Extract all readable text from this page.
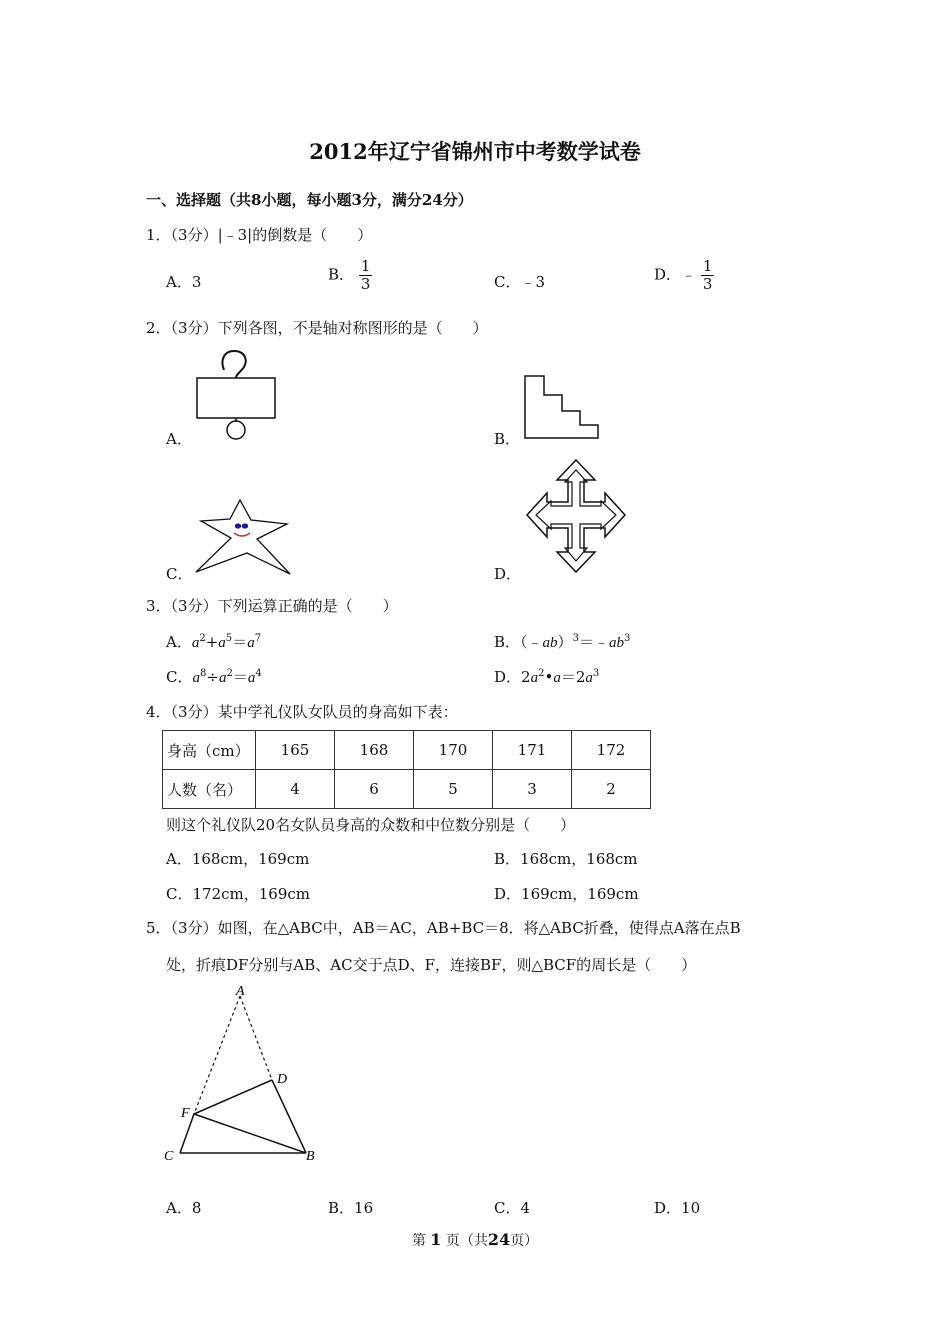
2012年辽宁省锦州市中考数学试卷
一、选择题（共8小题，每小题3分，满分24分）
1．（3分）|﹣3|的倒数是（　　）
A．3	B． $\frac{1}{3}$	C．﹣3	D．﹣ $\frac{1}{3}$
2．（3分）下列各图，不是轴对称图形的是（　　）
A．	B．
C．	D．
3．（3分）下列运算正确的是（　　）
A．$a^2+a^5=a^7$	B．$(﹣ab)^3=﹣ab^3$
C．$a^8\div a^2=a^4$	D．$2a^2•a=2a^3$
4．（3分）某中学礼仪队女队员的身高如下表：
身高（cm）	165	168	170	171	172
人数（名）	4	6	5	3	2
则这个礼仪队20名女队员身高的众数和中位数分别是（　　）
A．168cm，169cm	B．168cm，168cm
C．172cm，169cm	D．169cm，169cm
5．（3分）如图，在△ABC中，AB＝AC，AB+BC＝8．将△ABC折叠，使得点A落在点B
处，折痕DF分别与AB、AC交于点D、F，连接BF，则△BCF的周长是（　　）
A
D
F
C	B
A．8	B．16	C．4	D．10
第 1 页（共24页）
